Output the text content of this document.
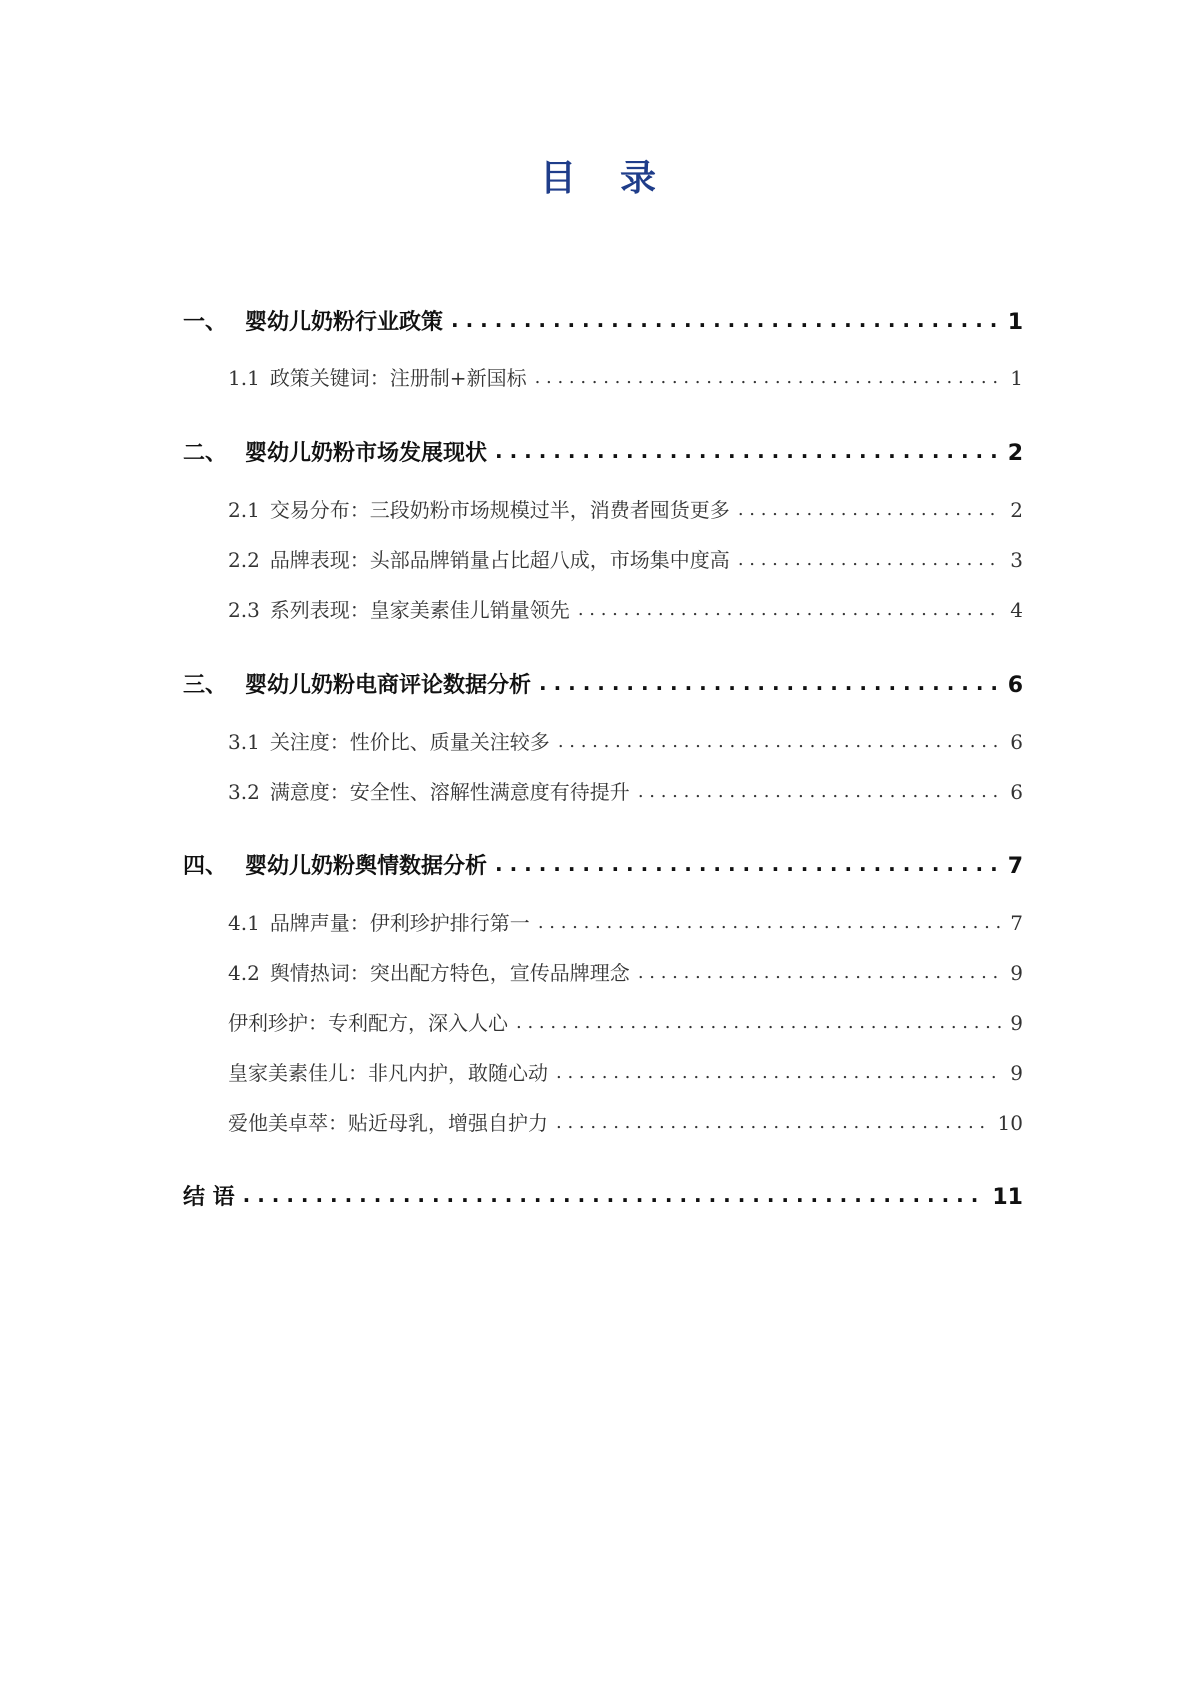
目　录
一、 婴幼儿奶粉行业政策 . . .	1
1.1 政策关键词：注册制+新国标 . . .	1
二、 婴幼儿奶粉市场发展现状 . . .	2
2.1 交易分布：三段奶粉市场规模过半，消费者囤货更多 . . .	2
2.2 品牌表现：头部品牌销量占比超八成，市场集中度高 . . .	3
2.3 系列表现：皇家美素佳儿销量领先 . . .	4
三、 婴幼儿奶粉电商评论数据分析 . . .	6
3.1 关注度：性价比、质量关注较多 . . .	6
3.2 满意度：安全性、溶解性满意度有待提升 . . .	6
四、 婴幼儿奶粉舆情数据分析 . . .	7
4.1 品牌声量：伊利珍护排行第一 . . .	7
4.2 舆情热词：突出配方特色，宣传品牌理念 . . .	9
伊利珍护：专利配方，深入人心 . . .	9
皇家美素佳儿：非凡内护，敢随心动 . . .	9
爱他美卓萃：贴近母乳，增强自护力 . . .	10
结 语 . . .	11
